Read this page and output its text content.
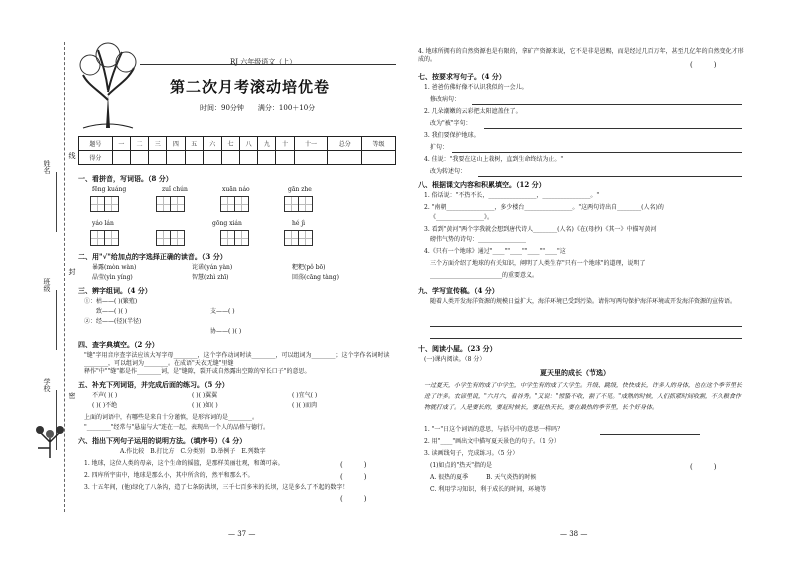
姓名
班级
学校
线
封
密
RJ 六年级语文（上）
第二次月考滚动培优卷
时间：90分钟　　满分：100＋10分
题号	一	二	三	四	五	六	七	八	九	十	十一	总分	等级
得分													
一、看拼音，写词语。（8 分）
fēng kuáng	zuǐ chún	xuān náo	gān zhe
yáo lán	gōng xián	hé jì
二、用"√"给加点的字选择正确的读音。（3 分）
暴露(mòn wàn)	诧诺(yán yàn)	粑粑(pǒ bō)
晶莹(yìn yíng)	智慧(zhì zhī)	回荡(cāng tàng)
三、辨字组词。（4 分）
①：枯——( )(繁殖)
支——( )
致——( )( )
②：经——(径)(半径)
协——( )( )
四、查字典填空。（2 分）
"缝"字用音序查字法应该大写字母________，这个字作动词时读________，可以组词为________；这个字作名词时读________，可以组词为________。在成语"天衣无缝"里缝
释作"中""缝"都是作________词，是"缝隙，裂开或自然露出空隙的窄长口子"的意思。
五、补充下列词语，并完成后面的练习。（5 分）
不声( )( )	( )( )翼翼	( )宜气( )
( )( )不绝	( )( )如( )	( )( )而肉
上面的词语中，有哪些是来自十分谨慎，是形容词的是________。
"________"经常与"悬崖与大"连在一起，表现出一个人的品格与德行。
六、指出下列句子运用的说明方法。（填序号）（4 分）
A.作比较　B.打比方　C.分类别　D.举例子　E.列数字
1. 地球，这位人类的母亲，这个生命的摇篮，是那样美丽壮观，和蔼可亲。
2. 四库所宇宙中，地球是那么小，其中所含的，然平和那么不。
3. 十五年间，(他)绿化了八条沟，造了七条防洪坝，三千七百多米的长坝，这是多么了不起的数字！
(　　　)
(　　　)
(　　　)
— 37 —
4. 地球所拥有的自然资源也是有限的，拿矿产资源来说，它不是非是恩赐，而是经过几百万年，甚至几亿年的自然变化才形成的。
(　　　)
七、按要求写句子。（4 分）
1. 爸爸仿佛好像不认识我似的一会儿。
修改病句：
2. 几朵潮嫩的云彩把太阳遮盖住了。
改为"被"字句：
3. 我们要保护地球。
扩句：
4. 佳说："我要在这山上栽树，直到生命终结为止。"
改为转述句：
八、根据课文内容和积累填空。（12 分）
1. 俗话说："不热不长，________________，________________。"
2. "南朝________________，多少楼台________________。"这两句诗出自________(人名)的
《________________》。
3. 看到"黄河"两个字我就会想到唐代诗人________(人名)《在(母抄)《其一》中描写黄河
磅伟气势的诗句：________________
4.《只有一个地球》通过"____""____""____""____"这
三个方面介绍了地球的有关知识，阐明了人类生存"只有一个地球"的道理，说明了
________________________的重要意义。
九、学写宣传稿。（4 分）
随着人类开发海洋资源的规模日益扩大，海洋环境已受到污染。请你写两句保护海洋环境或开发海洋资源的宣传语。
十、阅读小屋。（23 分）
(一)课内阅读。（8 分）
夏天里的成长（节选）
一过夏天，小学生有的成了中学生，中学生有的成了大学生。升级、跳级，快快成长，许多人的身体，也在这个季节里长进了许多。农谚里说，"六月六，看谷秀。"又说："惊蛰不收，割了不见。"成熟的时候，人们抓紧时间收割，不久粮食作物就打成了。人是要长的，要赶时候长，要赶热天长，要在最热的季节里，长个好身体。
1. "一"日这个词语的意思，与括号中的意思一样吗？
2. 用"____"画出文中描写夏天景色的句子。（1 分）
3. 读画线句子，完成练习。（5 分）
(1)如点的"热天"指的是	(　　　)
A. 很热的夏季　　　B. 天气炎热的时候
C. 利用学习知识，利于成长的时间，环境等
— 38 —
